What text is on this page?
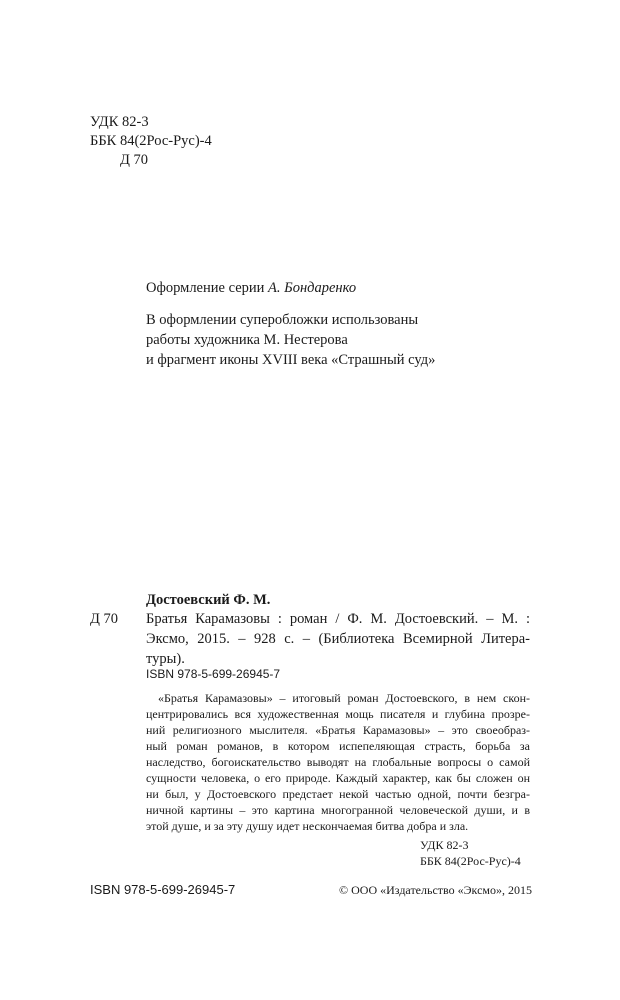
УДК 82-3
ББК 84(2Рос-Рус)-4
Д 70
Оформление серии А. Бондаренко
В оформлении суперобложки использованы
работы художника М. Нестерова
и фрагмент иконы XVIII века «Страшный суд»
Достоевский Ф. М.
Д 70 Братья Карамазовы : роман / Ф. М. Достоевский. – М. :
Эксмо, 2015. – 928 с. – (Библиотека Всемирной Литера-
туры).
ISBN 978-5-699-26945-7
«Братья Карамазовы» – итоговый роман Достоевского, в нем скон-
центрировались вся художественная мощь писателя и глубина прозре-
ний религиозного мыслителя. «Братья Карамазовы» – это своеобраз-
ный роман романов, в котором испепеляющая страсть, борьба за
наследство, богоискательство выводят на глобальные вопросы о самой
сущности человека, о его природе. Каждый характер, как бы сложен он
ни был, у Достоевского предстает некой частью одной, почти безгра-
ничной картины – это картина многогранной человеческой души, и в
этой душе, и за эту душу идет нескончаемая битва добра и зла.
УДК 82-3
ББК 84(2Рос-Рус)-4
ISBN 978-5-699-26945-7	© ООО «Издательство «Эксмо», 2015
